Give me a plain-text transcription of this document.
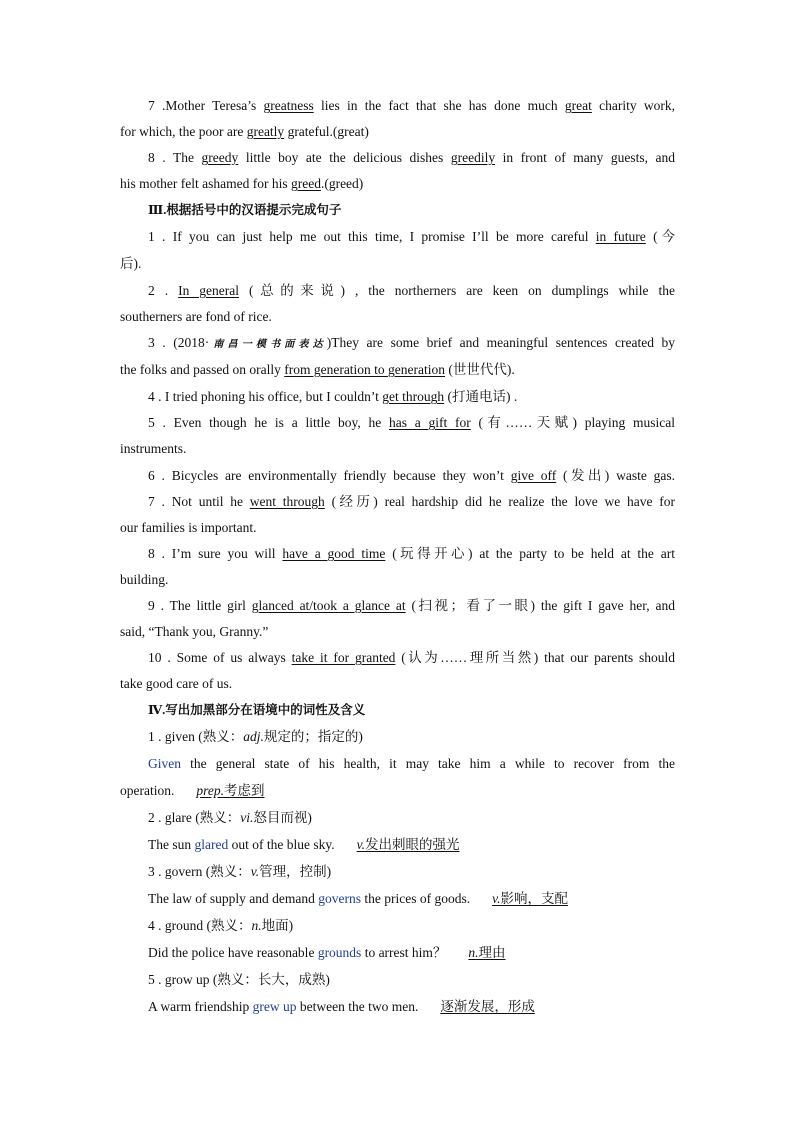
7 .Mother Teresa’s greatness lies in the fact that she has done much great charity work,
for which, the poor are greatly grateful.(great)
8 . The greedy little boy ate the delicious dishes greedily in front of many guests, and
his mother felt ashamed for his greed.(greed)
Ⅲ.根据括号中的汉语提示完成句子
1 . If you can just help me out this time, I promise I’ll be more careful in future (今
后).
2 . In general (总的来说) , the northerners are keen on dumplings while the
southerners are fond of rice.
3 . (2018·南昌一模书面表达)They are some brief and meaningful sentences created by
the folks and passed on orally from generation to generation (世世代代).
4 . I tried phoning his office, but I couldn’t get through (打通电话) .
5 . Even though he is a little boy, he has a gift for (有……天赋) playing musical
instruments.
6 . Bicycles are environmentally friendly because they won’t give off (发出) waste gas.
7 . Not until he went through (经历) real hardship did he realize the love we have for
our families is important.
8 . I’m sure you will have a good time (玩得开心) at the party to be held at the art
building.
9 . The little girl glanced at/took a glance at (扫视；看了一眼) the gift I gave her, and
said, “Thank you, Granny.”
10 . Some of us always take it for granted (认为……理所当然) that our parents should
take good care of us.
Ⅳ.写出加黑部分在语境中的词性及含义
1 . given (熟义：adj.规定的；指定的)
Given the general state of his health, it may take him a while to recover from the
operation. prep.考虑到
2 . glare (熟义：vi.怒目而视)
The sun glared out of the blue sky. v.发出刺眼的强光
3 . govern (熟义：v.管理，控制)
The law of supply and demand governs the prices of goods. v.影响，支配
4 . ground (熟义：n.地面)
Did the police have reasonable grounds to arrest him？ n.理由
5 . grow up (熟义：长大，成熟)
A warm friendship grew up between the two men. 逐渐发展，形成
